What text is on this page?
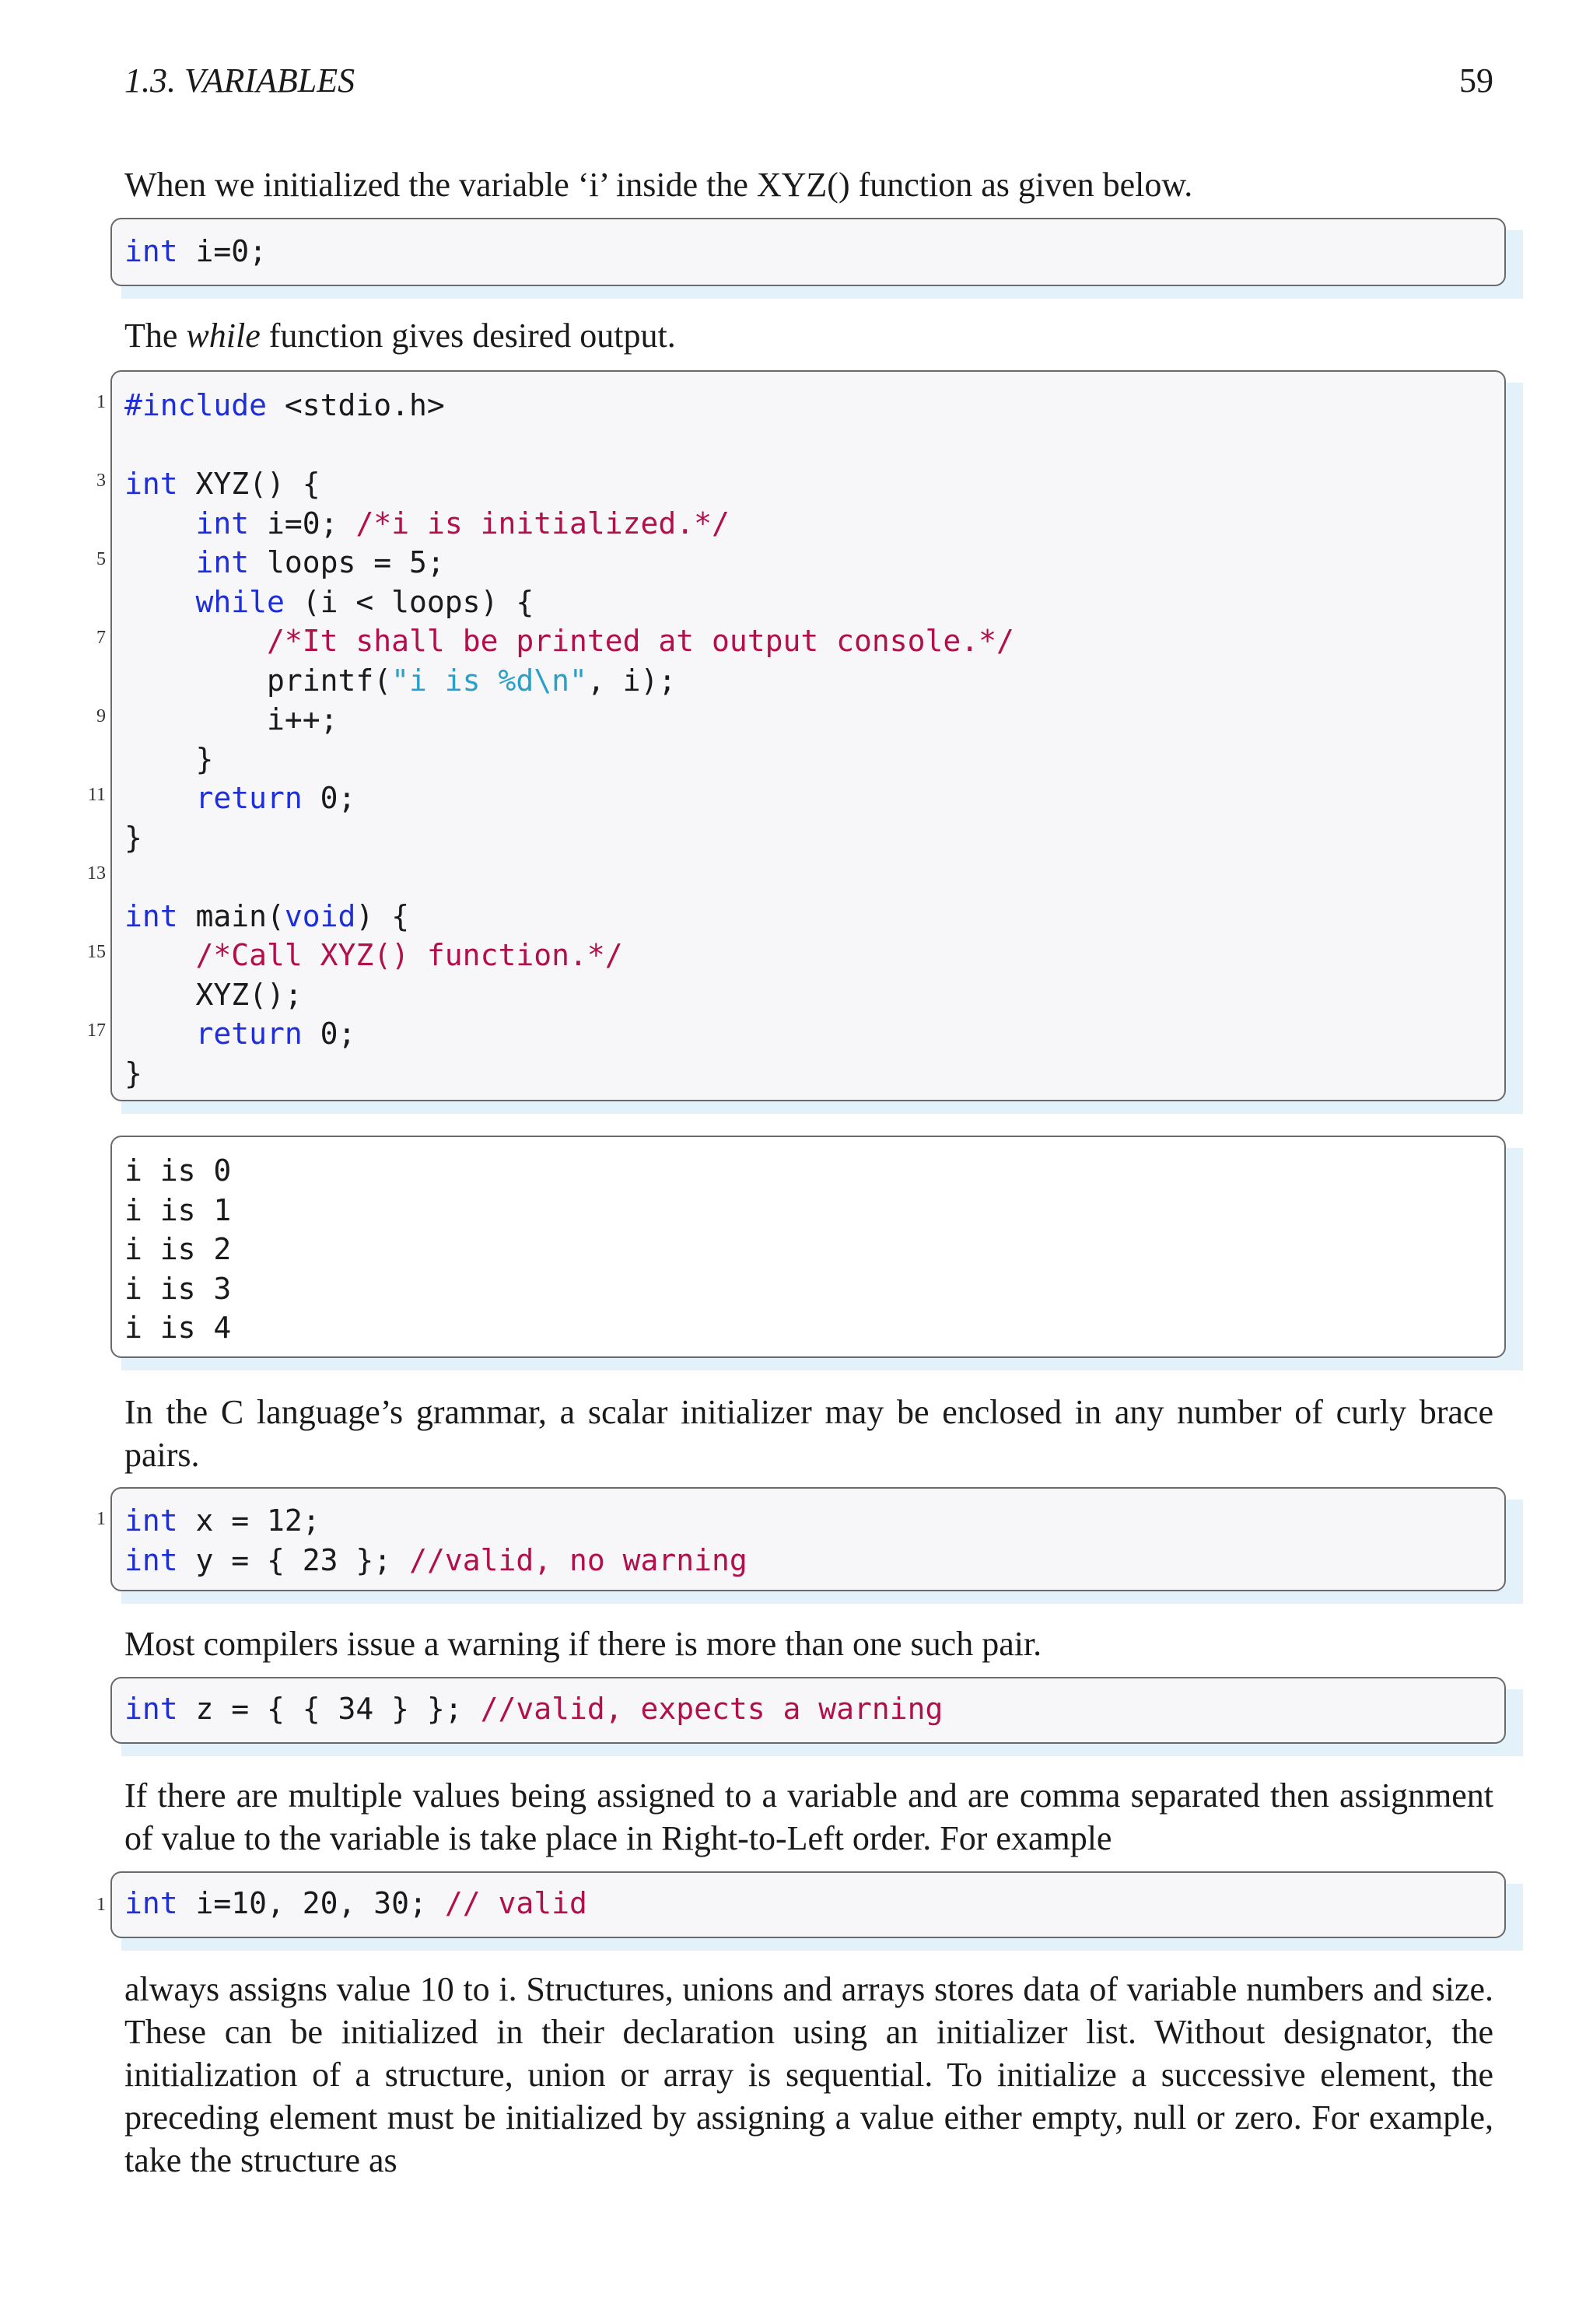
1.3. VARIABLES	59
When we initialized the variable ‘i’ inside the XYZ() function as given below.
int i=0;

The while function gives desired output.
1
3
5
7
9
11
13
15
17
#include <stdio.h>

int XYZ() {
int i=0; /*i is initialized.*/
int loops = 5;
while (i < loops) {
/*It shall be printed at output console.*/
printf("i is %d\n", i);
i++;
}
return 0;
}

int main(void) {
/*Call XYZ() function.*/
XYZ();
return 0;
}

i is 0
i is 1
i is 2
i is 3
i is 4

In the C language’s grammar, a scalar initializer may be enclosed in any number of curly brace pairs.
1 int x = 12;
int y = { 23 }; //valid, no warning

Most compilers issue a warning if there is more than one such pair.
int z = { { 34 } }; //valid, expects a warning

If there are multiple values being assigned to a variable and are comma separated then assignment of value to the variable is take place in Right-to-Left order. For example
1 int i=10, 20, 30; // valid

always assigns value 10 to i. Structures, unions and arrays stores data of variable numbers and size. These can be initialized in their declaration using an initializer list. Without designator, the initialization of a structure, union or array is sequential. To initialize a successive element, the preceding element must be initialized by assigning a value either empty, null or zero. For example, take the structure as
